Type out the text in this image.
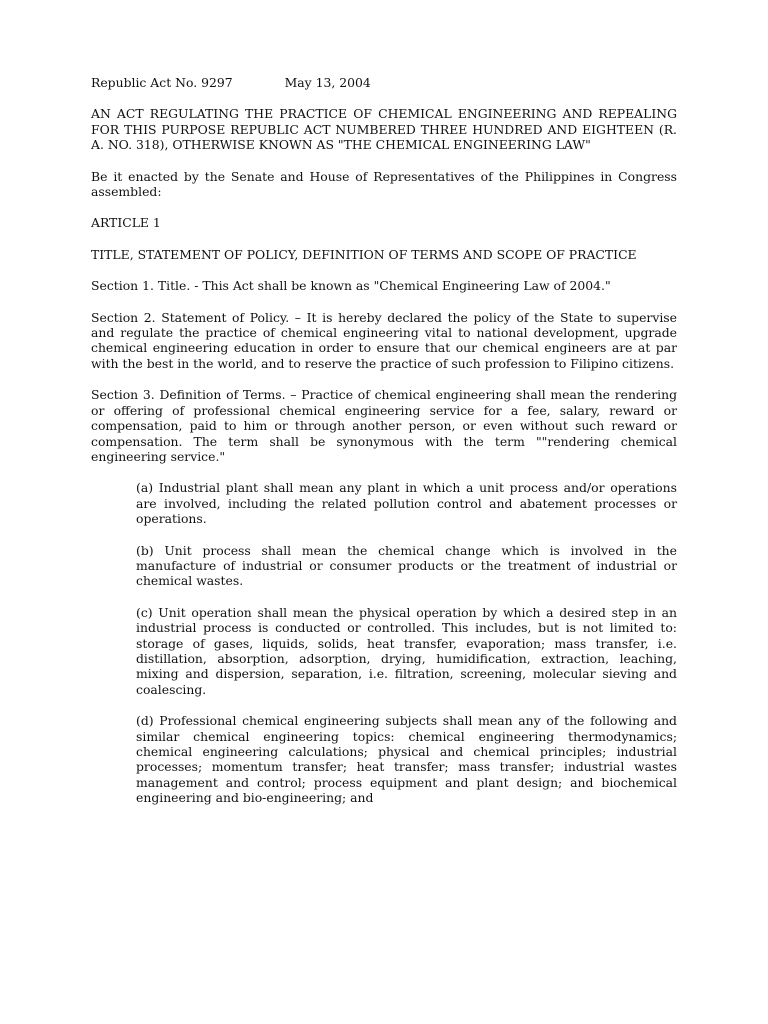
Republic Act No. 9297	May 13, 2004

AN ACT REGULATING THE PRACTICE OF CHEMICAL ENGINEERING AND REPEALING FOR THIS PURPOSE REPUBLIC ACT NUMBERED THREE HUNDRED AND EIGHTEEN (R. A. NO. 318), OTHERWISE KNOWN AS "THE CHEMICAL ENGINEERING LAW"

Be it enacted by the Senate and House of Representatives of the Philippines in Congress assembled:

ARTICLE 1

TITLE, STATEMENT OF POLICY, DEFINITION OF TERMS AND SCOPE OF PRACTICE

Section 1. Title. - This Act shall be known as "Chemical Engineering Law of 2004."

Section 2. Statement of Policy. – It is hereby declared the policy of the State to supervise and regulate the practice of chemical engineering vital to national development, upgrade chemical engineering education in order to ensure that our chemical engineers are at par with the best in the world, and to reserve the practice of such profession to Filipino citizens.

Section 3. Definition of Terms. – Practice of chemical engineering shall mean the rendering or offering of professional chemical engineering service for a fee, salary, reward or compensation, paid to him or through another person, or even without such reward or compensation. The term shall be synonymous with the term ""rendering chemical engineering service."

(a) Industrial plant shall mean any plant in which a unit process and/or operations are involved, including the related pollution control and abatement processes or operations.

(b) Unit process shall mean the chemical change which is involved in the manufacture of industrial or consumer products or the treatment of industrial or chemical wastes.

(c) Unit operation shall mean the physical operation by which a desired step in an industrial process is conducted or controlled. This includes, but is not limited to: storage of gases, liquids, solids, heat transfer, evaporation; mass transfer, i.e. distillation, absorption, adsorption, drying, humidification, extraction, leaching, mixing and dispersion, separation, i.e. filtration, screening, molecular sieving and coalescing.

(d) Professional chemical engineering subjects shall mean any of the following and similar chemical engineering topics: chemical engineering thermodynamics; chemical engineering calculations; physical and chemical principles; industrial processes; momentum transfer; heat transfer; mass transfer; industrial wastes management and control; process equipment and plant design; and biochemical engineering and bio-engineering; and
